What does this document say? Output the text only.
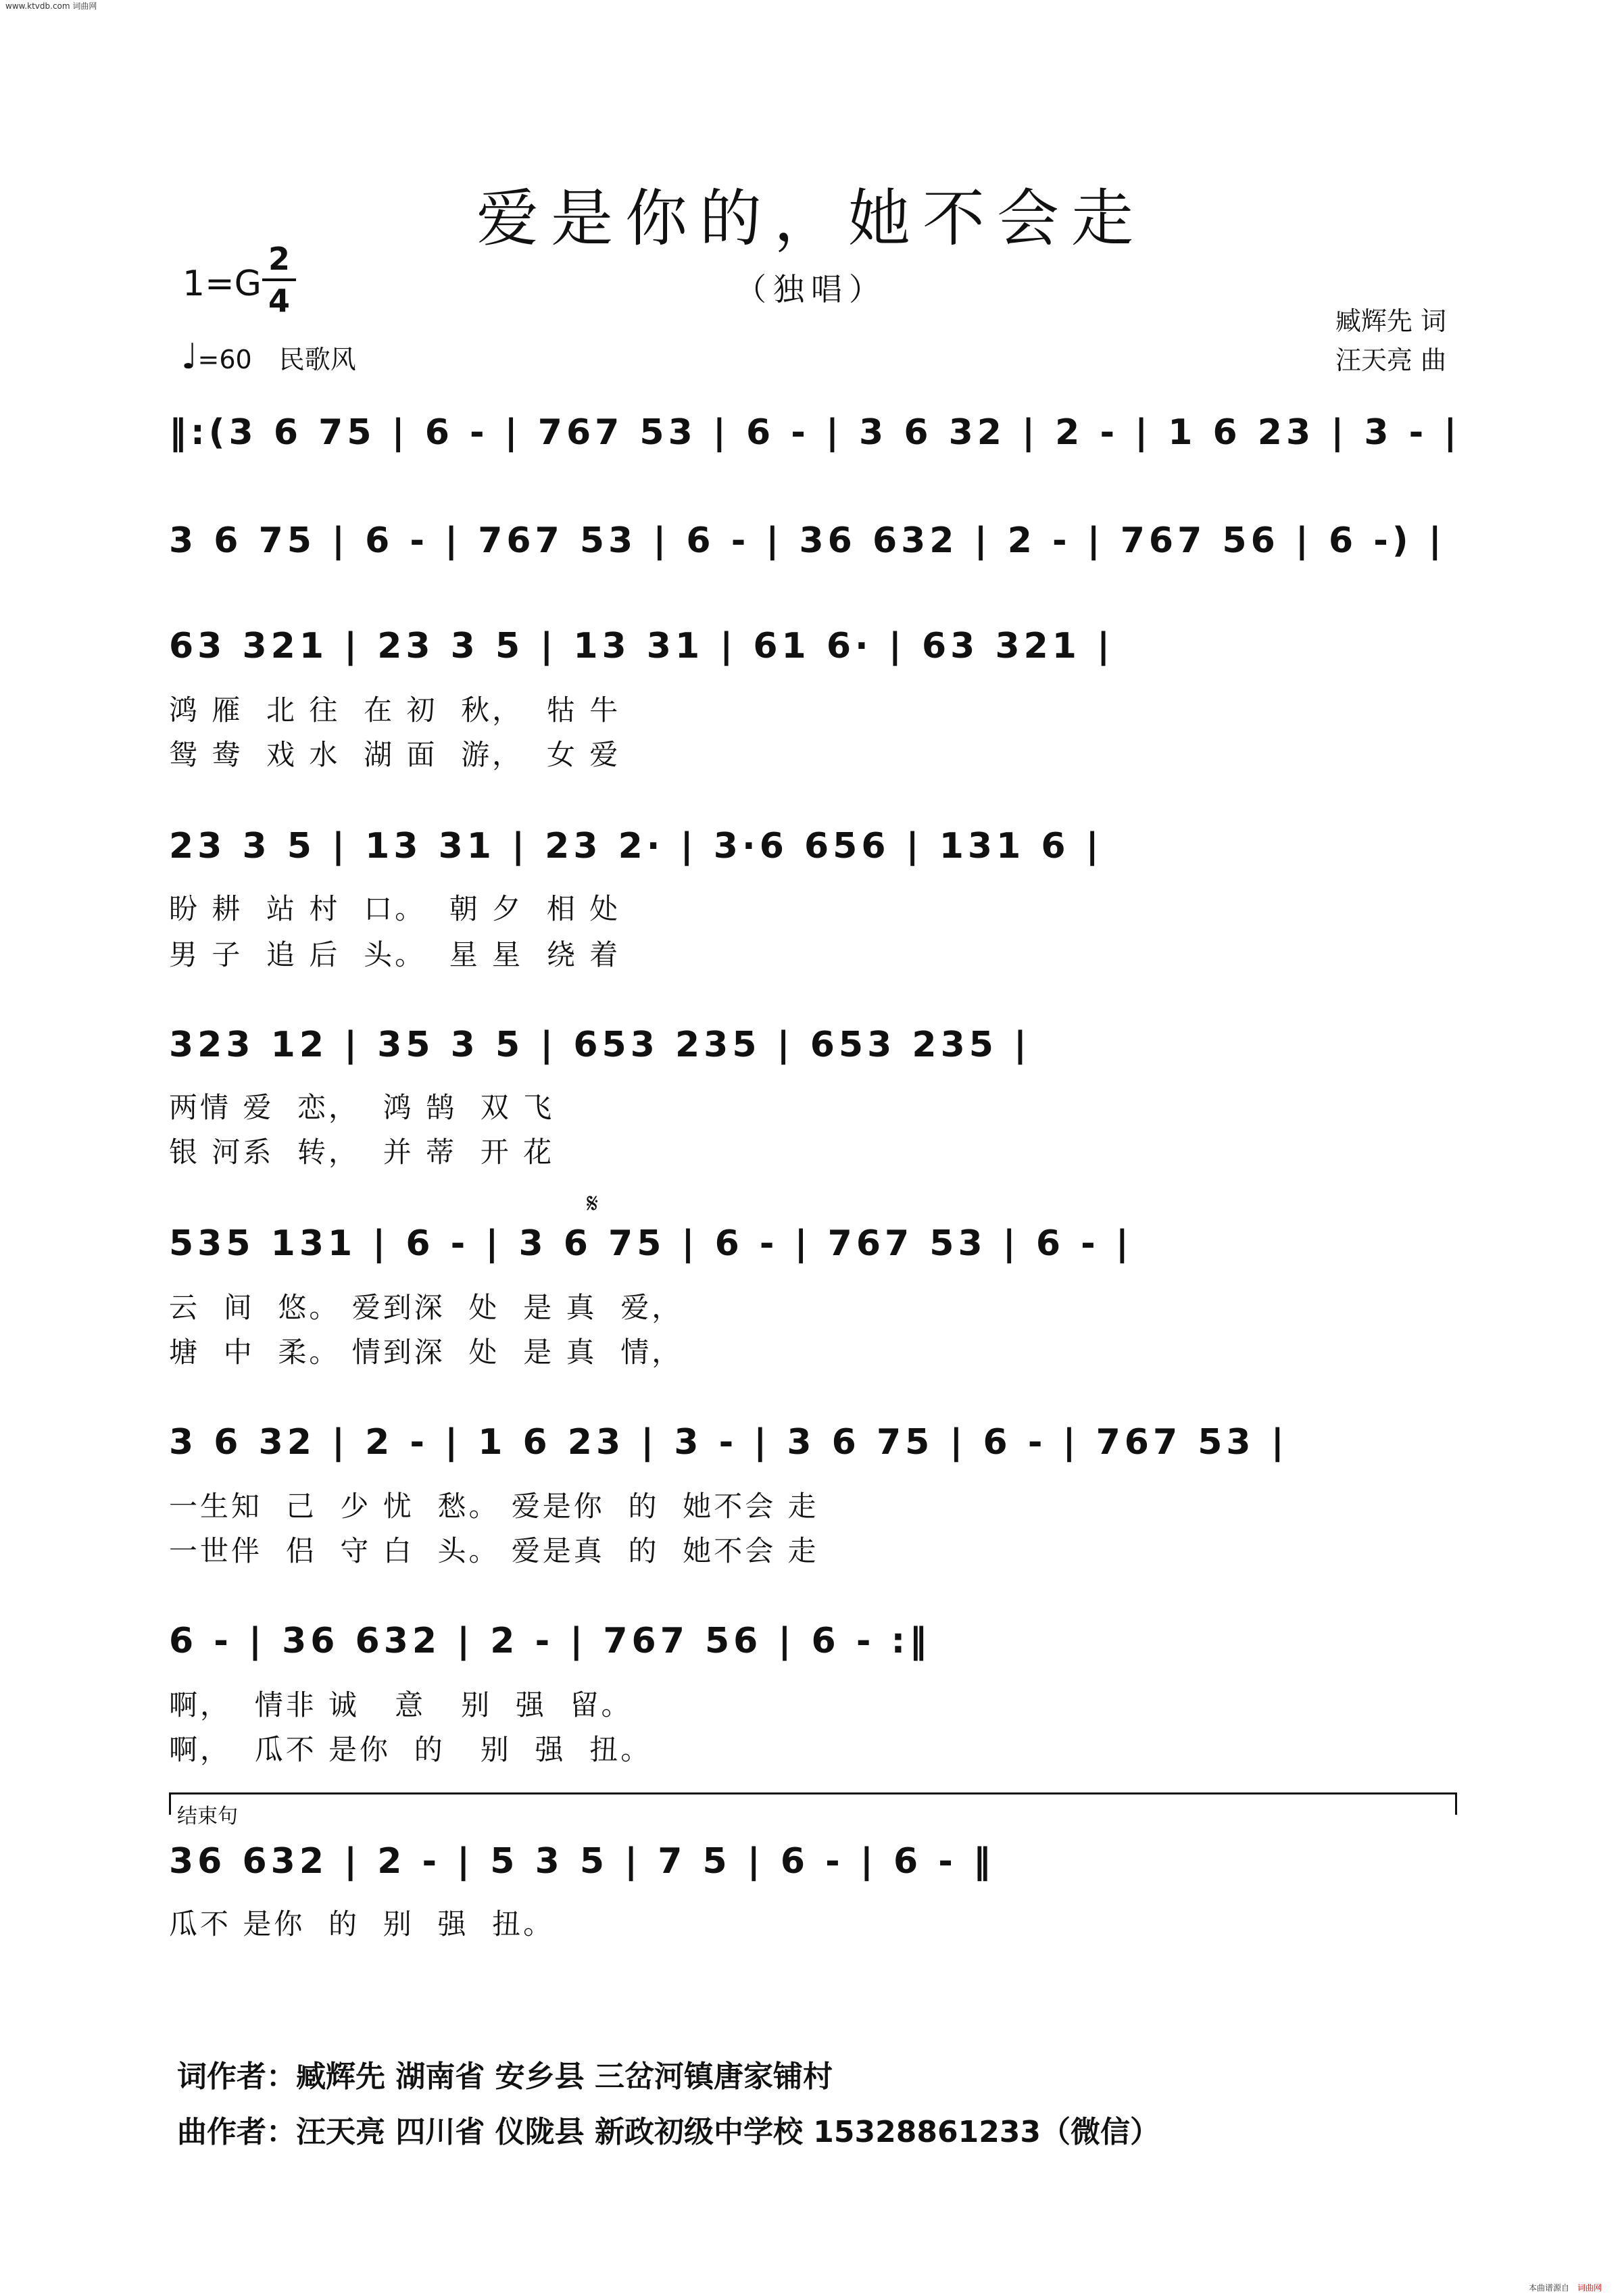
www.ktvdb.com 词曲网
爱是你的，她不会走
（独唱）
1=G
2
4
♩=60 民歌风
臧辉先 词
汪天亮 曲
‖:(3 6 75 | 6 - | 767 53 | 6 - | 3 6 32 | 2 - | 1 6 23 | 3 - |
3 6 75 | 6 - | 767 53 | 6 - | 36 632 | 2 - | 767 56 | 6 -) |
63 321 | 23 3 5 | 13 31 | 61 6· | 63 321 |
鸿 雁  北 往  在 初  秋，  牯 牛
鸳 鸯  戏 水  湖 面  游，  女 爱
23 3 5 | 13 31 | 23 2· | 3·6 656 | 131 6 |
盼 耕  站 村  口。  朝 夕  相 处
男 子  追 后  头。  星 星  绕 着
323 12 | 35 3 5 | 653 235 | 653 235 |
两情 爱  恋，  鸿 鹄  双 飞
银 河系  转，  并 蒂  开 花
𝄋
535 131 | 6 - | 3 6 75 | 6 - | 767 53 | 6 - |
云  间  悠。 爱到深  处  是 真  爱，
塘  中  柔。 情到深  处  是 真  情，
3 6 32 | 2 - | 1 6 23 | 3 - | 3 6 75 | 6 - | 767 53 |
一生知  己  少 忧  愁。 爱是你  的  她不会 走
一世伴  侣  守 白  头。 爱是真  的  她不会 走
6 - | 36 632 | 2 - | 767 56 | 6 - :‖
啊，  情非 诚   意   别  强  留。
啊，  瓜不 是你  的   别  强  扭。
结束句
36 632 | 2 - | 5 3 5 | 7 5 | 6 - | 6 - ‖
瓜不 是你  的  别  强  扭。
词作者：臧辉先 湖南省 安乡县 三岔河镇唐家铺村
曲作者：汪天亮 四川省 仪陇县 新政初级中学校 15328861233（微信）
本曲谱源自 词曲网
